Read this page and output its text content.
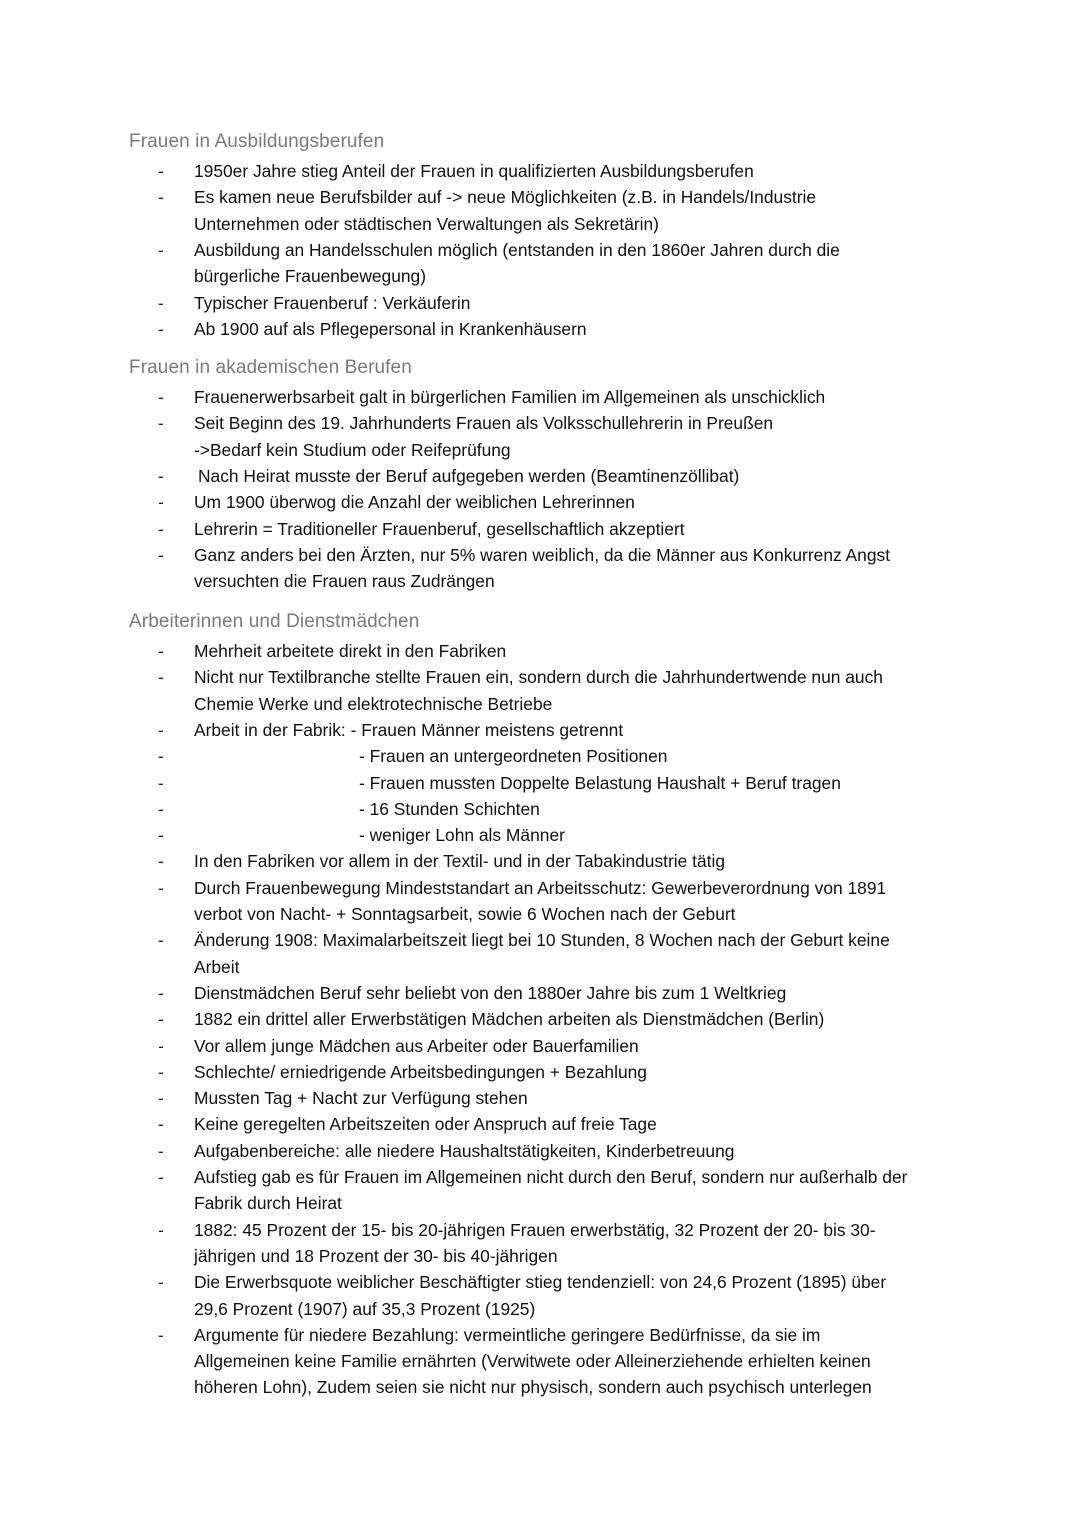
Frauen in Ausbildungsberufen
-	1950er Jahre stieg Anteil der Frauen in qualifizierten Ausbildungsberufen
-	Es kamen neue Berufsbilder auf -> neue Möglichkeiten (z.B. in Handels/Industrie
Unternehmen oder städtischen Verwaltungen als Sekretärin)
-	Ausbildung an Handelsschulen möglich (entstanden in den 1860er Jahren durch die
bürgerliche Frauenbewegung)
-	Typischer Frauenberuf : Verkäuferin
-	Ab 1900 auf als Pflegepersonal in Krankenhäusern
Frauen in akademischen Berufen
-	Frauenerwerbsarbeit galt in bürgerlichen Familien im Allgemeinen als unschicklich
-	Seit Beginn des 19. Jahrhunderts Frauen als Volksschullehrerin in Preußen
->Bedarf kein Studium oder Reifeprüfung
-	Nach Heirat musste der Beruf aufgegeben werden (Beamtinenzöllibat)
-	Um 1900 überwog die Anzahl der weiblichen Lehrerinnen
-	Lehrerin = Traditioneller Frauenberuf, gesellschaftlich akzeptiert
-	Ganz anders bei den Ärzten, nur 5% waren weiblich, da die Männer aus Konkurrenz Angst
versuchten die Frauen raus Zudrängen
Arbeiterinnen und Dienstmädchen
-	Mehrheit arbeitete direkt in den Fabriken
-	Nicht nur Textilbranche stellte Frauen ein, sondern durch die Jahrhundertwende nun auch
Chemie Werke und elektrotechnische Betriebe
-	Arbeit in der Fabrik: - Frauen Männer meistens getrennt
-	- Frauen an untergeordneten Positionen
-	- Frauen mussten Doppelte Belastung Haushalt + Beruf tragen
-	- 16 Stunden Schichten
-	- weniger Lohn als Männer
-	In den Fabriken vor allem in der Textil- und in der Tabakindustrie tätig
-	Durch Frauenbewegung Mindeststandart an Arbeitsschutz: Gewerbeverordnung von 1891
verbot von Nacht- + Sonntagsarbeit, sowie 6 Wochen nach der Geburt
-	Änderung 1908: Maximalarbeitszeit liegt bei 10 Stunden, 8 Wochen nach der Geburt keine
Arbeit
-	Dienstmädchen Beruf sehr beliebt von den 1880er Jahre bis zum 1 Weltkrieg
-	1882 ein drittel aller Erwerbstätigen Mädchen arbeiten als Dienstmädchen (Berlin)
-	Vor allem junge Mädchen aus Arbeiter oder Bauerfamilien
-	Schlechte/ erniedrigende Arbeitsbedingungen + Bezahlung
-	Mussten Tag + Nacht zur Verfügung stehen
-	Keine geregelten Arbeitszeiten oder Anspruch auf freie Tage
-	Aufgabenbereiche: alle niedere Haushaltstätigkeiten, Kinderbetreuung
-	Aufstieg gab es für Frauen im Allgemeinen nicht durch den Beruf, sondern nur außerhalb der
Fabrik durch Heirat
-	1882: 45 Prozent der 15- bis 20-jährigen Frauen erwerbstätig, 32 Prozent der 20- bis 30-
jährigen und 18 Prozent der 30- bis 40-jährigen
-	Die Erwerbsquote weiblicher Beschäftigter stieg tendenziell: von 24,6 Prozent (1895) über
29,6 Prozent (1907) auf 35,3 Prozent (1925)
-	Argumente für niedere Bezahlung: vermeintliche geringere Bedürfnisse, da sie im
Allgemeinen keine Familie ernährten (Verwitwete oder Alleinerziehende erhielten keinen
höheren Lohn), Zudem seien sie nicht nur physisch, sondern auch psychisch unterlegen
